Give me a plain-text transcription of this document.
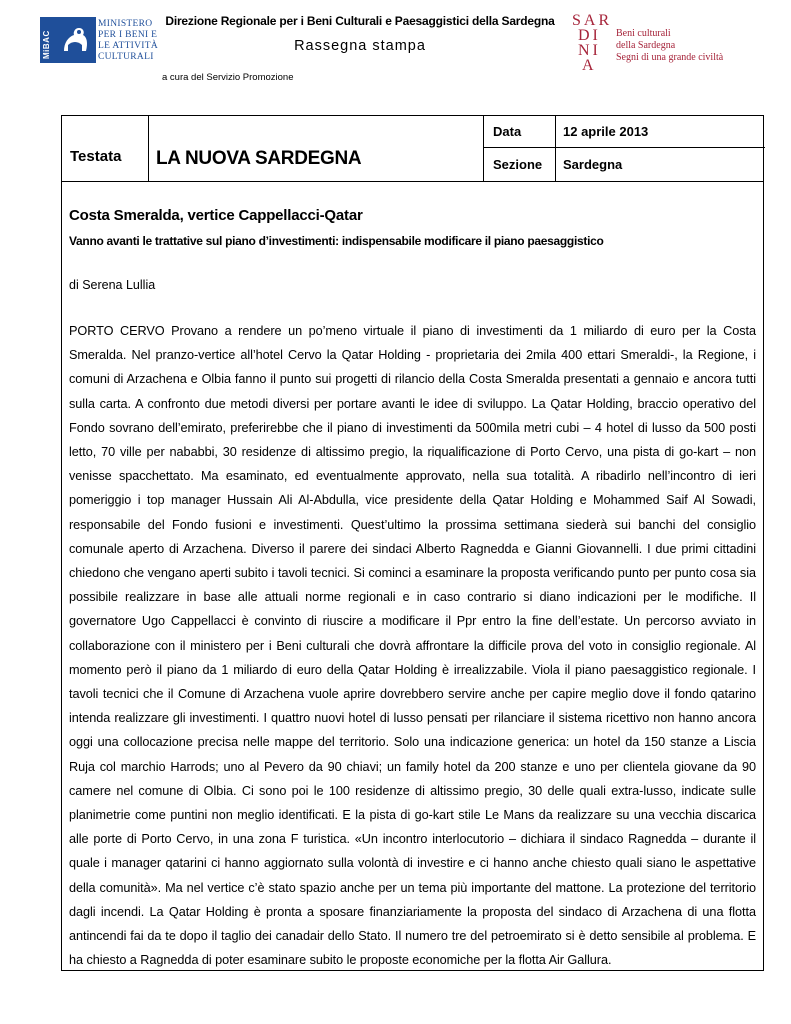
MiBAC
MINISTERO
PER I BENI E
LE ATTIVITÀ
CULTURALI
Direzione Regionale per i Beni Culturali e Paesaggistici della Sardegna
Rassegna stampa
a cura del Servizio Promozione
SAR
DI
NI
A
Beni culturali
della Sardegna
Segni di una grande civiltà
Testata LA NUOVA SARDEGNA
Data	12 aprile 2013
Sezione Sardegna
Costa Smeralda, vertice Cappellacci-Qatar
Vanno avanti le trattative sul piano d’investimenti: indispensabile modificare il piano paesaggistico
di Serena Lullia
PORTO CERVO Provano a rendere un po’meno virtuale il piano di investimenti da 1 miliardo di euro per la Costa Smeralda. Nel pranzo-vertice all’hotel Cervo la Qatar Holding - proprietaria dei 2mila 400 ettari Smeraldi-, la Regione, i comuni di Arzachena e Olbia fanno il punto sui progetti di rilancio della Costa Smeralda presentati a gennaio e ancora tutti sulla carta. A confronto due metodi diversi per portare avanti le idee di sviluppo. La Qatar Holding, braccio operativo del Fondo sovrano dell’emirato, preferirebbe che il piano di investimenti da 500mila metri cubi – 4 hotel di lusso da 500 posti letto, 70 ville per nababbi, 30 residenze di altissimo pregio, la riqualificazione di Porto Cervo, una pista di go-kart – non venisse spacchettato. Ma esaminato, ed eventualmente approvato, nella sua totalità. A ribadirlo nell’incontro di ieri pomeriggio i top manager Hussain Ali Al-Abdulla, vice presidente della Qatar Holding e Mohammed Saif Al Sowadi, responsabile del Fondo fusioni e investimenti. Quest’ultimo la prossima settimana siederà sui banchi del consiglio comunale aperto di Arzachena. Diverso il parere dei sindaci Alberto Ragnedda e Gianni Giovannelli. I due primi cittadini chiedono che vengano aperti subito i tavoli tecnici. Si cominci a esaminare la proposta verificando punto per punto cosa sia possibile realizzare in base alle attuali norme regionali e in caso contrario si diano indicazioni per le modifiche. Il governatore Ugo Cappellacci è convinto di riuscire a modificare il Ppr entro la fine dell’estate. Un percorso avviato in collaborazione con il ministero per i Beni culturali che dovrà affrontare la difficile prova del voto in consiglio regionale. Al momento però il piano da 1 miliardo di euro della Qatar Holding è irrealizzabile. Viola il piano paesaggistico regionale. I tavoli tecnici che il Comune di Arzachena vuole aprire dovrebbero servire anche per capire meglio dove il fondo qatarino intenda realizzare gli investimenti. I quattro nuovi hotel di lusso pensati per rilanciare il sistema ricettivo non hanno ancora oggi una collocazione precisa nelle mappe del territorio. Solo una indicazione generica: un hotel da 150 stanze a Liscia Ruja col marchio Harrods; uno al Pevero da 90 chiavi; un family hotel da 200 stanze e uno per clientela giovane da 90 camere nel comune di Olbia. Ci sono poi le 100 residenze di altissimo pregio, 30 delle quali extra-lusso, indicate sulle planimetrie come puntini non meglio identificati. E la pista di go-kart stile Le Mans da realizzare su una vecchia discarica alle porte di Porto Cervo, in una zona F turistica. «Un incontro interlocutorio – dichiara il sindaco Ragnedda – durante il quale i manager qatarini ci hanno aggiornato sulla volontà di investire e ci hanno anche chiesto quali siano le aspettative della comunità». Ma nel vertice c’è stato spazio anche per un tema più importante del mattone. La protezione del territorio dagli incendi. La Qatar Holding è pronta a sposare finanziariamente la proposta del sindaco di Arzachena di una flotta antincendi fai da te dopo il taglio dei canadair dello Stato. Il numero tre del petroemirato si è detto sensibile al problema. E ha chiesto a Ragnedda di poter esaminare subito le proposte economiche per la flotta Air Gallura.
